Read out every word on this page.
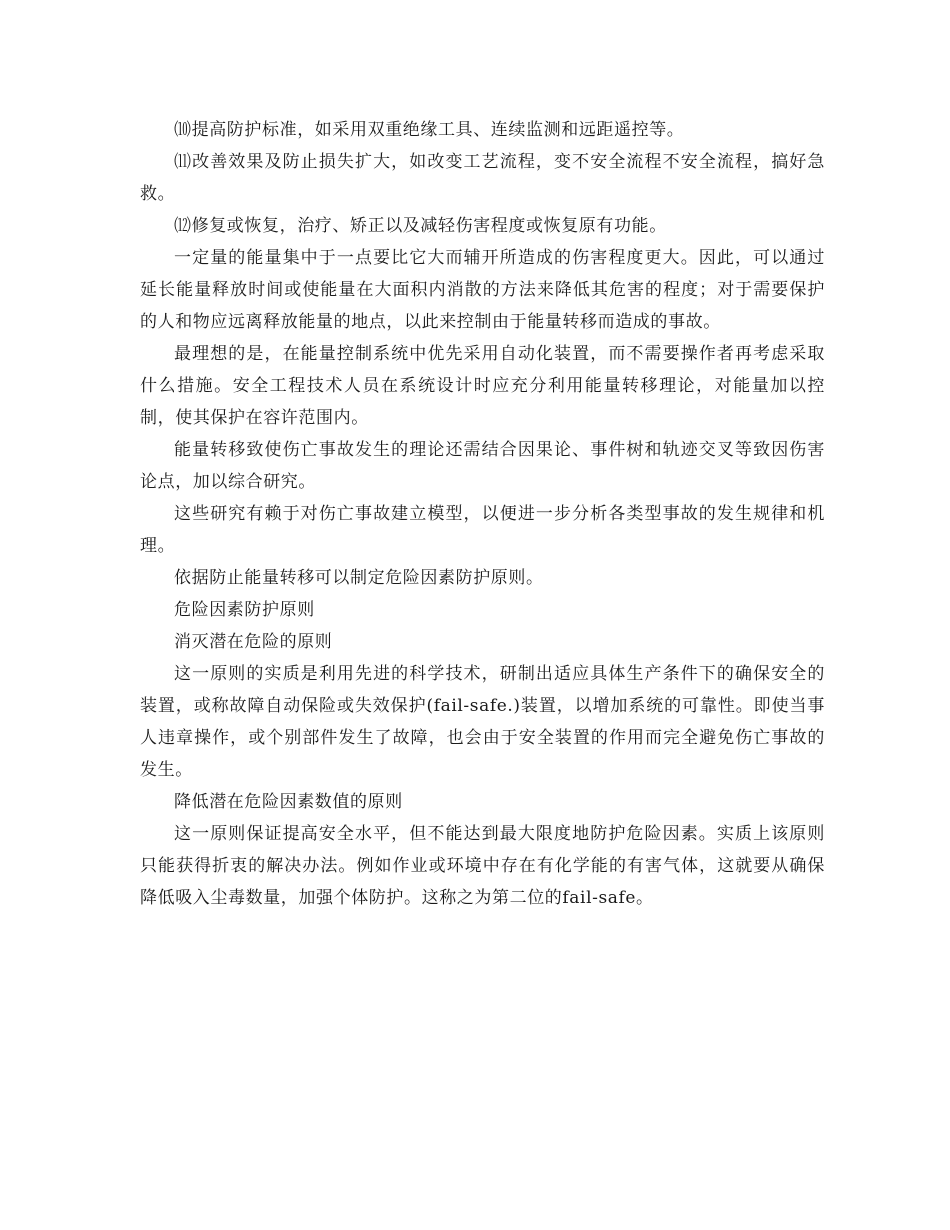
⑽提高防护标准，如采用双重绝缘工具、连续监测和远距遥控等。

⑾改善效果及防止损失扩大，如改变工艺流程，变不安全流程不安全流程，搞好急救。

⑿修复或恢复，治疗、矫正以及减轻伤害程度或恢复原有功能。

一定量的能量集中于一点要比它大而辅开所造成的伤害程度更大。因此，可以通过延长能量释放时间或使能量在大面积内消散的方法来降低其危害的程度；对于需要保护的人和物应远离释放能量的地点，以此来控制由于能量转移而造成的事故。

最理想的是，在能量控制系统中优先采用自动化装置，而不需要操作者再考虑采取什么措施。安全工程技术人员在系统设计时应充分利用能量转移理论，对能量加以控制，使其保护在容许范围内。

能量转移致使伤亡事故发生的理论还需结合因果论、事件树和轨迹交叉等致因伤害论点，加以综合研究。

这些研究有赖于对伤亡事故建立模型，以便进一步分析各类型事故的发生规律和机理。

依据防止能量转移可以制定危险因素防护原则。

危险因素防护原则

消灭潜在危险的原则

这一原则的实质是利用先进的科学技术，研制出适应具体生产条件下的确保安全的装置，或称故障自动保险或失效保护(fail-safe.)装置，以增加系统的可靠性。即使当事人违章操作，或个别部件发生了故障，也会由于安全装置的作用而完全避免伤亡事故的发生。

降低潜在危险因素数值的原则

这一原则保证提高安全水平，但不能达到最大限度地防护危险因素。实质上该原则只能获得折衷的解决办法。例如作业或环境中存在有化学能的有害气体，这就要从确保降低吸入尘毒数量，加强个体防护。这称之为第二位的fail-safe。
